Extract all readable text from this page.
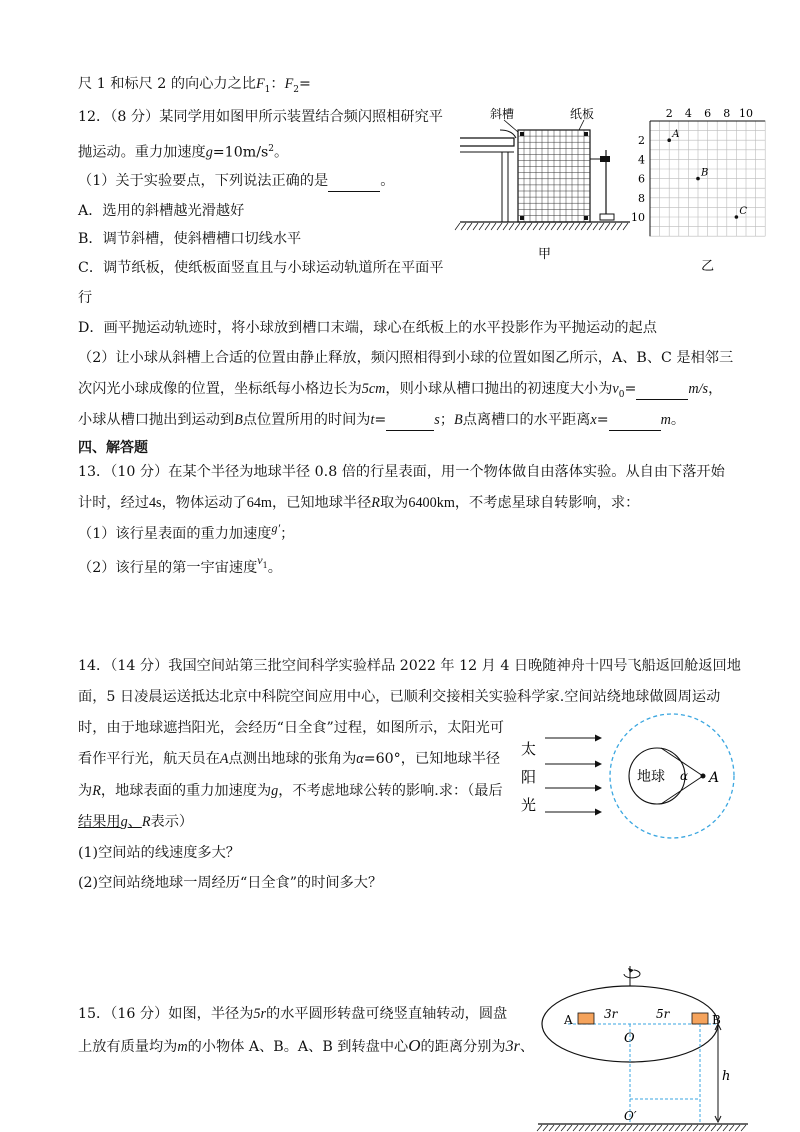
尺 1 和标尺 2 的向心力之比$F_1$：$F_2=$
12．（8 分）某同学用如图甲所示装置结合频闪照相研究平
抛运动。重力加速度$g=10m/s^2$。
（1）关于实验要点，下列说法正确的是	。
A．选用的斜槽越光滑越好
B．调节斜槽，使斜槽槽口切线水平
C．调节纸板，使纸板面竖直且与小球运动轨道所在平面平
行
D．画平抛运动轨迹时，将小球放到槽口末端，球心在纸板上的水平投影作为平抛运动的起点
（2）让小球从斜槽上合适的位置由静止释放，频闪照相得到小球的位置如图乙所示，A、B、C 是相邻三
次闪光小球成像的位置，坐标纸每小格边长为5cm，则小球从槽口抛出的初速度大小为$v_0=$	m/s，
小球从槽口抛出到运动到B点位置所用的时间为t=	s；B点离槽口的水平距离x=	m。
四、解答题
13．（10 分）在某个半径为地球半径 0.8 倍的行星表面，用一个物体做自由落体实验。从自由下落开始
计时，经过4s，物体运动了64m，已知地球半径R取为6400km，不考虑星球自转影响，求：
（1）该行星表面的重力加速度$^{g'}$；
（2）该行星的第一宇宙速度$^v_1$。
14．（14 分）我国空间站第三批空间科学实验样品 2022 年 12 月 4 日晚随神舟十四号飞船返回舱返回地
面，5 日凌晨运送抵达北京中科院空间应用中心，已顺利交接相关实验科学家.空间站绕地球做圆周运动
时，由于地球遮挡阳光，会经历“日全食”过程，如图所示，太阳光可
看作平行光，航天员在A点测出地球的张角为α=60°，已知地球半径
为R，地球表面的重力加速度为g，不考虑地球公转的影响.求：（最后
结果用g、R表示）
(1)空间站的线速度多大？
(2)空间站绕地球一周经历“日全食”的时间多大？
15．（16 分）如图，半径为5r的水平圆形转盘可绕竖直轴转动，圆盘
上放有质量均为m的小物体 A、B。A、B 到转盘中心O的距离分别为3r、
斜槽	纸板
甲
2 4 6 8 10
2
4
6
8
10
A
B
C
乙
太
阳
光
地球 α A
A	B
3r	5r
O
h
O′
